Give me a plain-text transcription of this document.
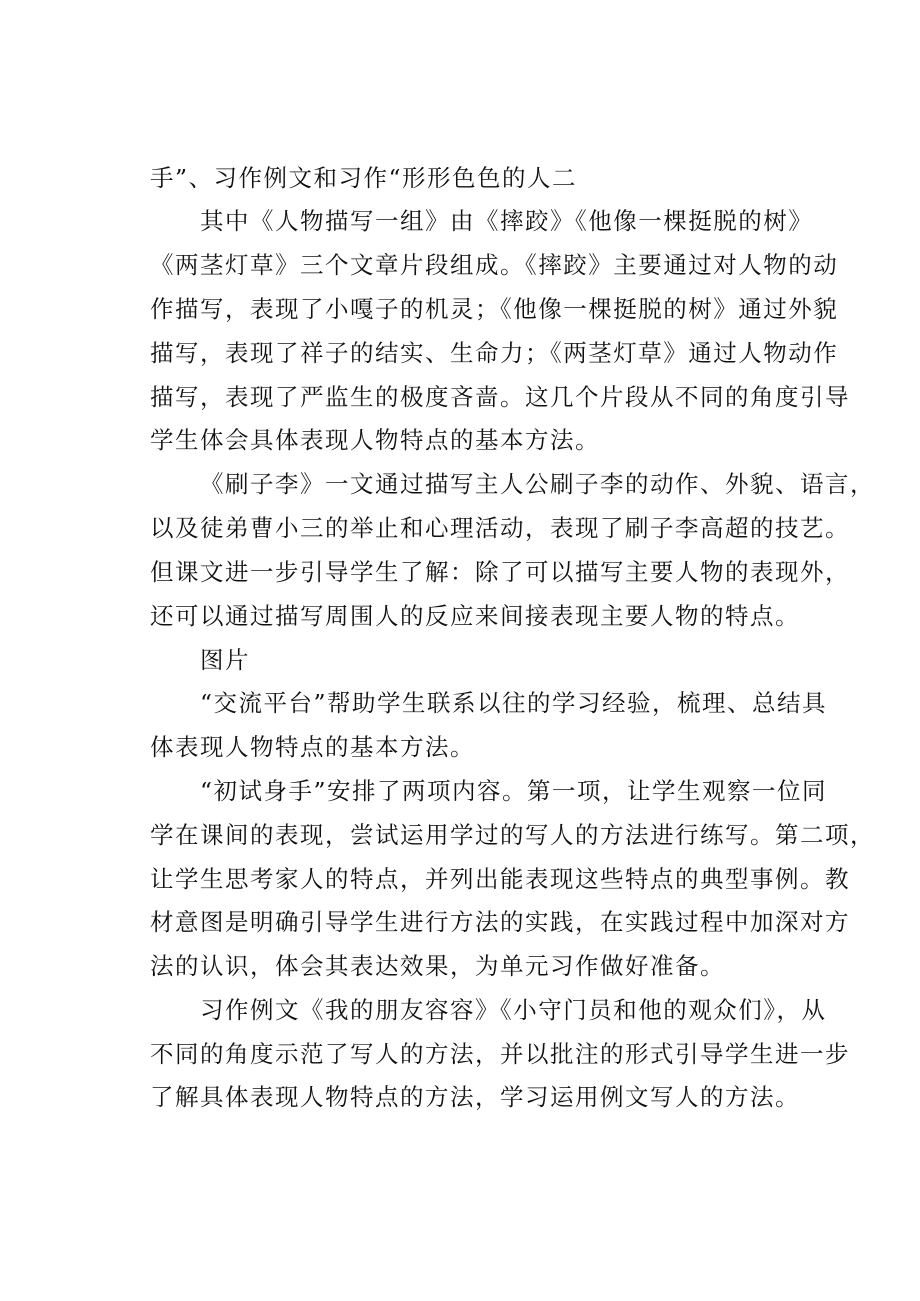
手”、习作例文和习作“形形色色的人二
其中《人物描写一组》由《摔跤》《他像一棵挺脱的树》
《两茎灯草》三个文章片段组成。《摔跤》主要通过对人物的动
作描写，表现了小嘎子的机灵；《他像一棵挺脱的树》通过外貌
描写，表现了祥子的结实、生命力；《两茎灯草》通过人物动作
描写，表现了严监生的极度吝啬。这几个片段从不同的角度引导
学生体会具体表现人物特点的基本方法。
《刷子李》一文通过描写主人公刷子李的动作、外貌、语言，
以及徒弟曹小三的举止和心理活动，表现了刷子李高超的技艺。
但课文进一步引导学生了解：除了可以描写主要人物的表现外，
还可以通过描写周围人的反应来间接表现主要人物的特点。
图片
“交流平台”帮助学生联系以往的学习经验，梳理、总结具
体表现人物特点的基本方法。
“初试身手”安排了两项内容。第一项，让学生观察一位同
学在课间的表现，尝试运用学过的写人的方法进行练写。第二项，
让学生思考家人的特点，并列出能表现这些特点的典型事例。教
材意图是明确引导学生进行方法的实践，在实践过程中加深对方
法的认识，体会其表达效果，为单元习作做好准备。
习作例文《我的朋友容容》《小守门员和他的观众们》，从
不同的角度示范了写人的方法，并以批注的形式引导学生进一步
了解具体表现人物特点的方法，学习运用例文写人的方法。
